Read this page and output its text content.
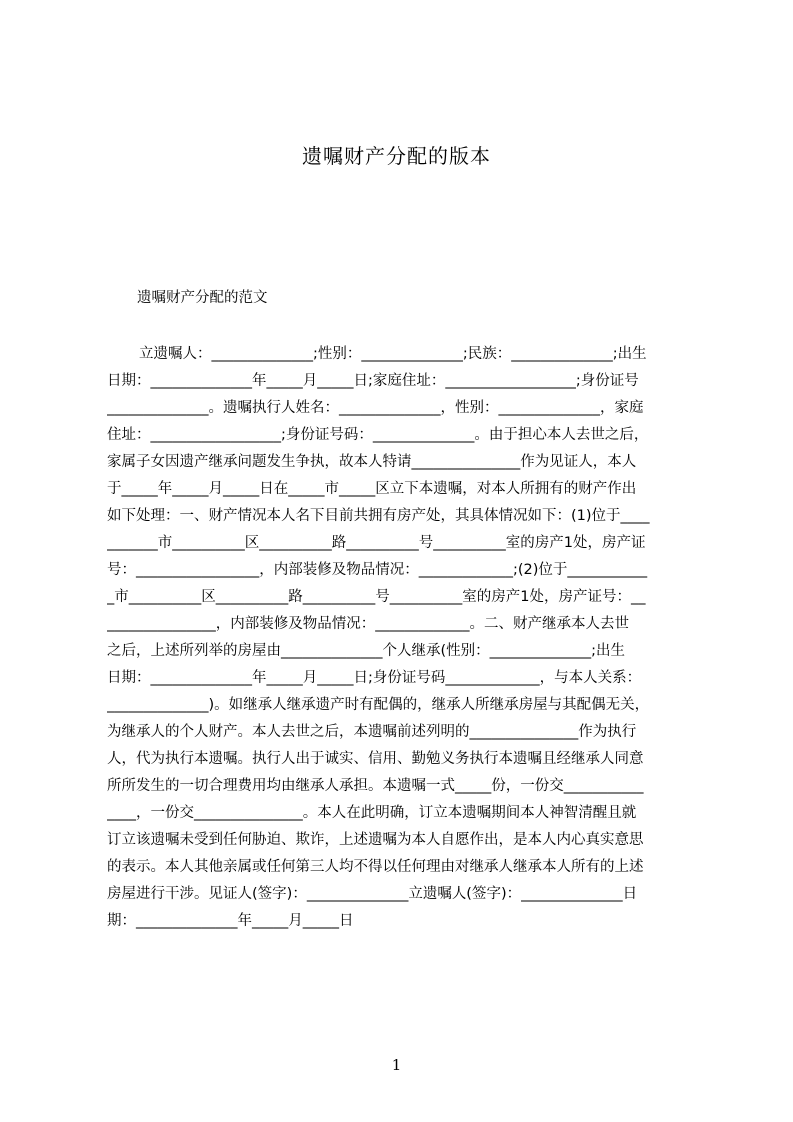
遗嘱财产分配的版本
遗嘱财产分配的范文
立遗嘱人：______________;性别：______________;民族：______________;出生
日期：______________年_____月_____日;家庭住址：__________________;身份证号
______________。遗嘱执行人姓名：______________，性别：______________，家庭
住址：__________________;身份证号码：______________。由于担心本人去世之后，
家属子女因遗产继承问题发生争执，故本人特请_______________作为见证人，本人
于_____年_____月_____日在_____市_____区立下本遗嘱，对本人所拥有的财产作出
如下处理：一、财产情况本人名下目前共拥有房产处，其具体情况如下：(1)位于____
_______市__________区__________路__________号__________室的房产1处，房产证
号：_________________，内部装修及物品情况：_____________;(2)位于___________
_市__________区__________路__________号__________室的房产1处，房产证号：__
_______________，内部装修及物品情况：_____________。二、财产继承本人去世
之后，上述所列举的房屋由______________个人继承(性别：______________;出生
日期：______________年_____月_____日;身份证号码_____________，与本人关系：
______________)。如继承人继承遗产时有配偶的，继承人所继承房屋与其配偶无关，
为继承人的个人财产。本人去世之后，本遗嘱前述列明的_______________作为执行
人，代为执行本遗嘱。执行人出于诚实、信用、勤勉义务执行本遗嘱且经继承人同意
所所发生的一切合理费用均由继承人承担。本遗嘱一式_____份，一份交___________
____，一份交_______________。本人在此明确，订立本遗嘱期间本人神智清醒且就
订立该遗嘱未受到任何胁迫、欺诈，上述遗嘱为本人自愿作出，是本人内心真实意思
的表示。本人其他亲属或任何第三人均不得以任何理由对继承人继承本人所有的上述
房屋进行干涉。见证人(签字)：______________立遗嘱人(签字)：______________日
期：______________年_____月_____日
1
